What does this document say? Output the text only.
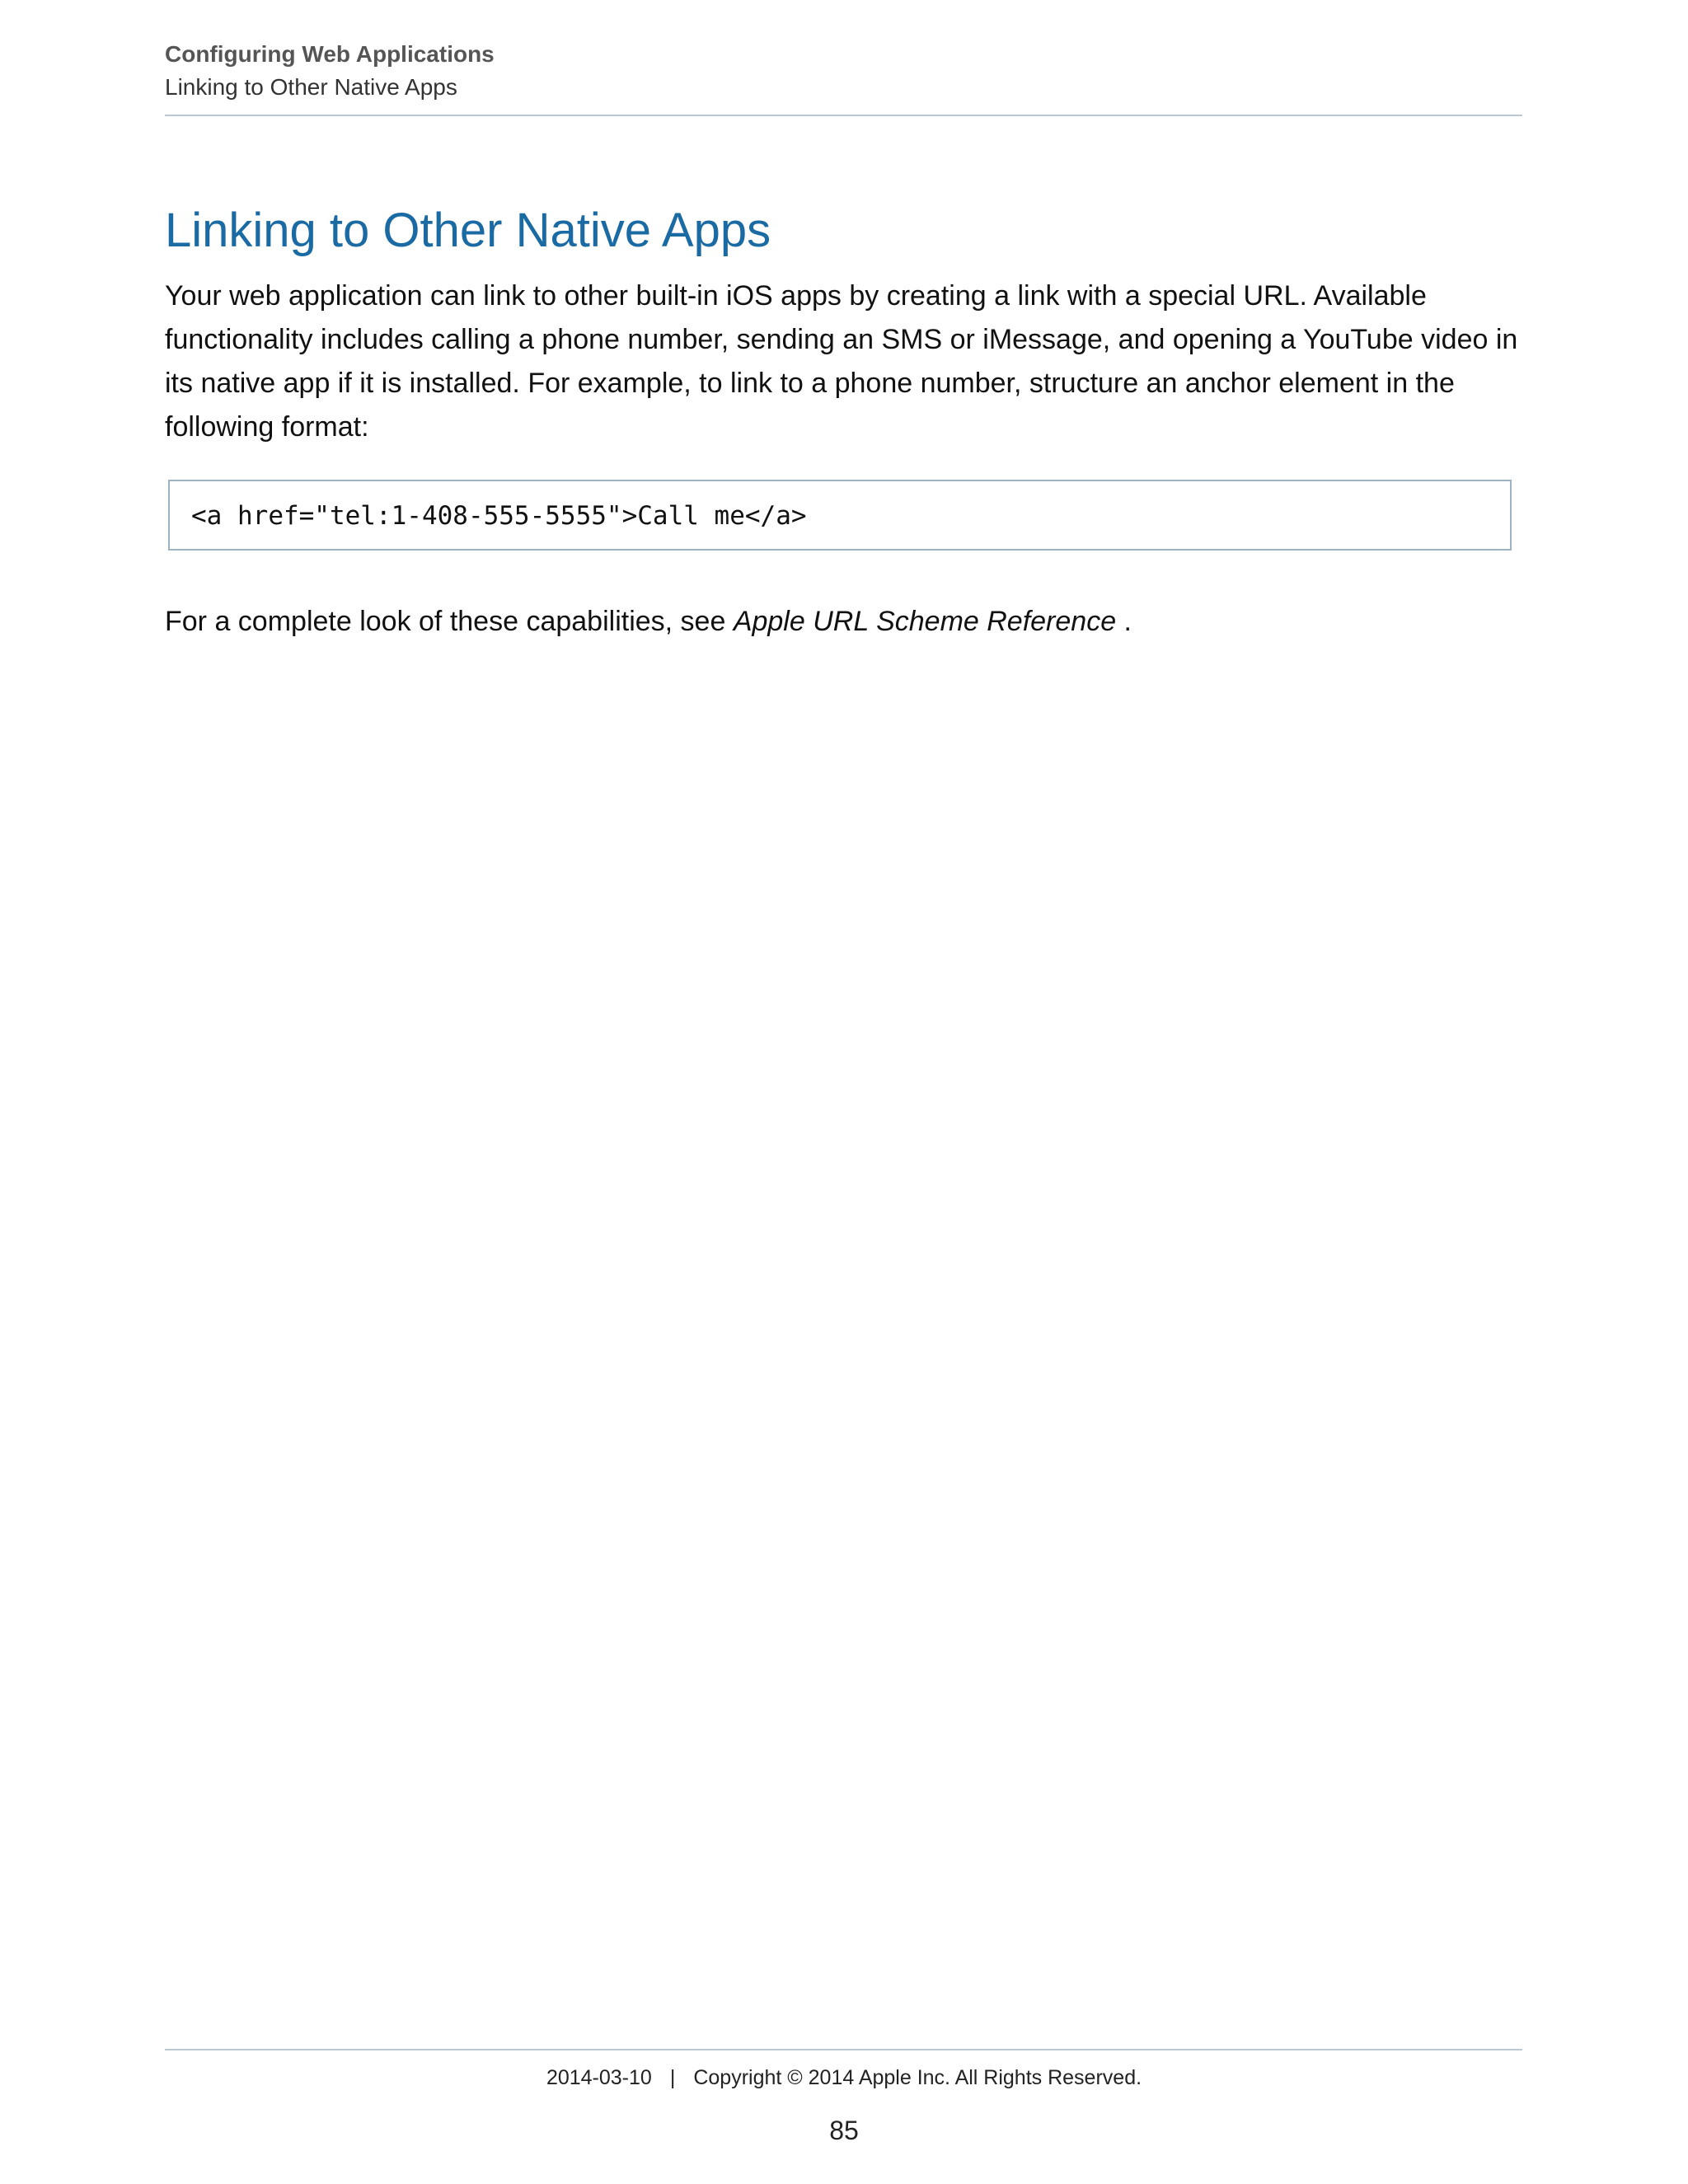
Configuring Web Applications
Linking to Other Native Apps
Linking to Other Native Apps

Your web application can link to other built-in iOS apps by creating a link with a special URL. Available functionality includes calling a phone number, sending an SMS or iMessage, and opening a YouTube video in its native app if it is installed. For example, to link to a phone number, structure an anchor element in the following format:

<a href="tel:1-408-555-5555">Call me</a>

For a complete look of these capabilities, see Apple URL Scheme Reference .

2014-03-10 | Copyright © 2014 Apple Inc. All Rights Reserved.
85
